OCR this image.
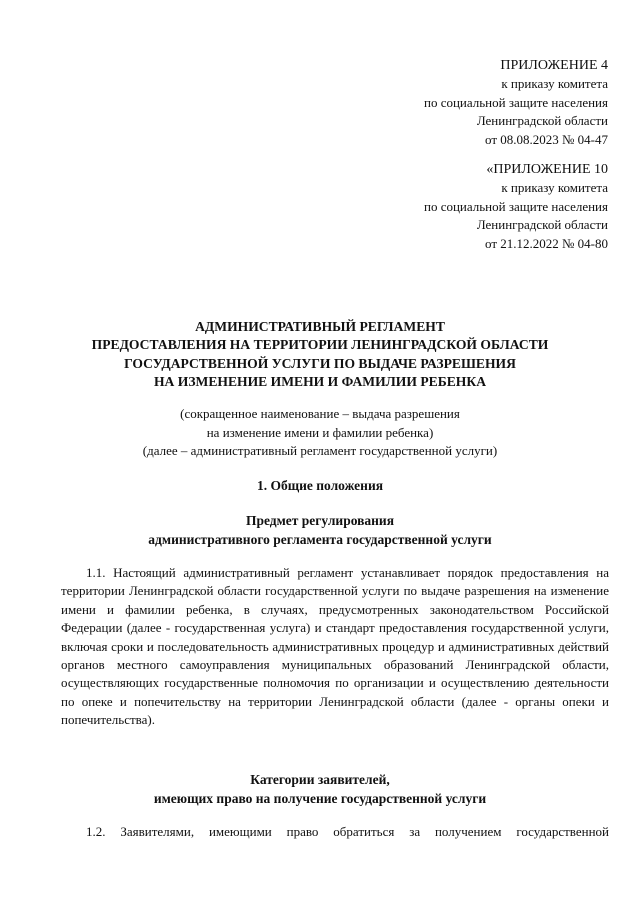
ПРИЛОЖЕНИЕ 4

к приказу комитета

по социальной защите населения

Ленинградской области

от 08.08.2023 № 04-47

«ПРИЛОЖЕНИЕ 10

к приказу комитета

по социальной защите населения

Ленинградской области

от 21.12.2022 № 04-80

АДМИНИСТРАТИВНЫЙ РЕГЛАМЕНТ

ПРЕДОСТАВЛЕНИЯ НА ТЕРРИТОРИИ ЛЕНИНГРАДСКОЙ ОБЛАСТИ

ГОСУДАРСТВЕННОЙ УСЛУГИ ПО ВЫДАЧЕ РАЗРЕШЕНИЯ

НА ИЗМЕНЕНИЕ ИМЕНИ И ФАМИЛИИ РЕБЕНКА

(сокращенное наименование – выдача разрешения

на изменение имени и фамилии ребенка)

(далее – административный регламент государственной услуги)

1. Общие положения

Предмет регулирования

административного регламента государственной услуги

1.1. Настоящий административный регламент устанавливает порядок предоставления на территории Ленинградской области государственной услуги по выдаче разрешения на изменение имени и фамилии ребенка, в случаях, предусмотренных законодательством Российской Федерации (далее - государственная услуга) и стандарт предоставления государственной услуги, включая сроки и последовательность административных процедур и административных действий органов местного самоуправления муниципальных образований Ленинградской области, осуществляющих государственные полномочия по организации и осуществлению деятельности по опеке и попечительству на территории Ленинградской области (далее - органы опеки и попечительства).

Категории заявителей,

имеющих право на получение государственной услуги

1.2. Заявителями, имеющими право обратиться за получением государственной
